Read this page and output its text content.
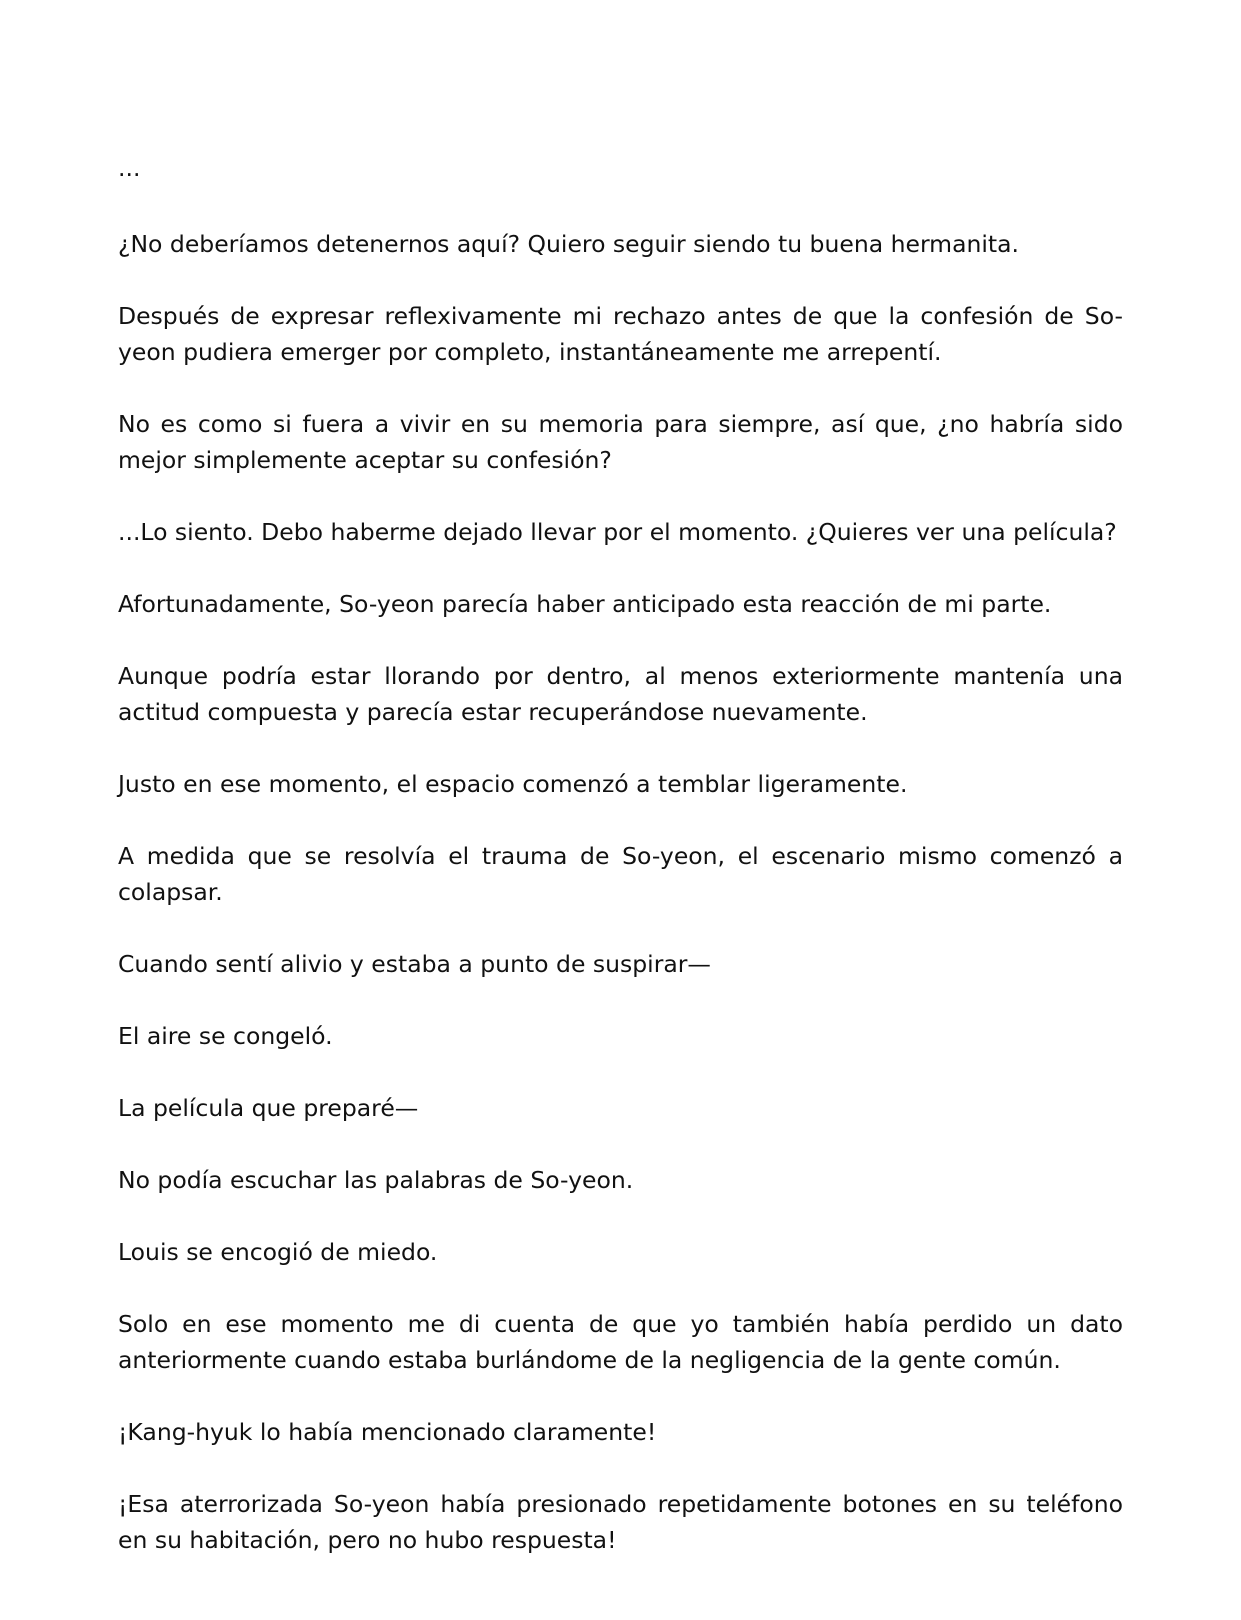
...

¿No deberíamos detenernos aquí? Quiero seguir siendo tu buena hermanita.

Después de expresar reflexivamente mi rechazo antes de que la confesión de So-yeon pudiera emerger por completo, instantáneamente me arrepentí.

No es como si fuera a vivir en su memoria para siempre, así que, ¿no habría sido mejor simplemente aceptar su confesión?

...Lo siento. Debo haberme dejado llevar por el momento. ¿Quieres ver una película?

Afortunadamente, So-yeon parecía haber anticipado esta reacción de mi parte.

Aunque podría estar llorando por dentro, al menos exteriormente mantenía una actitud compuesta y parecía estar recuperándose nuevamente.

Justo en ese momento, el espacio comenzó a temblar ligeramente.

A medida que se resolvía el trauma de So-yeon, el escenario mismo comenzó a colapsar.

Cuando sentí alivio y estaba a punto de suspirar—

El aire se congeló.

La película que preparé—

No podía escuchar las palabras de So-yeon.

Louis se encogió de miedo.

Solo en ese momento me di cuenta de que yo también había perdido un dato anteriormente cuando estaba burlándome de la negligencia de la gente común.

¡Kang-hyuk lo había mencionado claramente!

¡Esa aterrorizada So-yeon había presionado repetidamente botones en su teléfono en su habitación, pero no hubo respuesta!
